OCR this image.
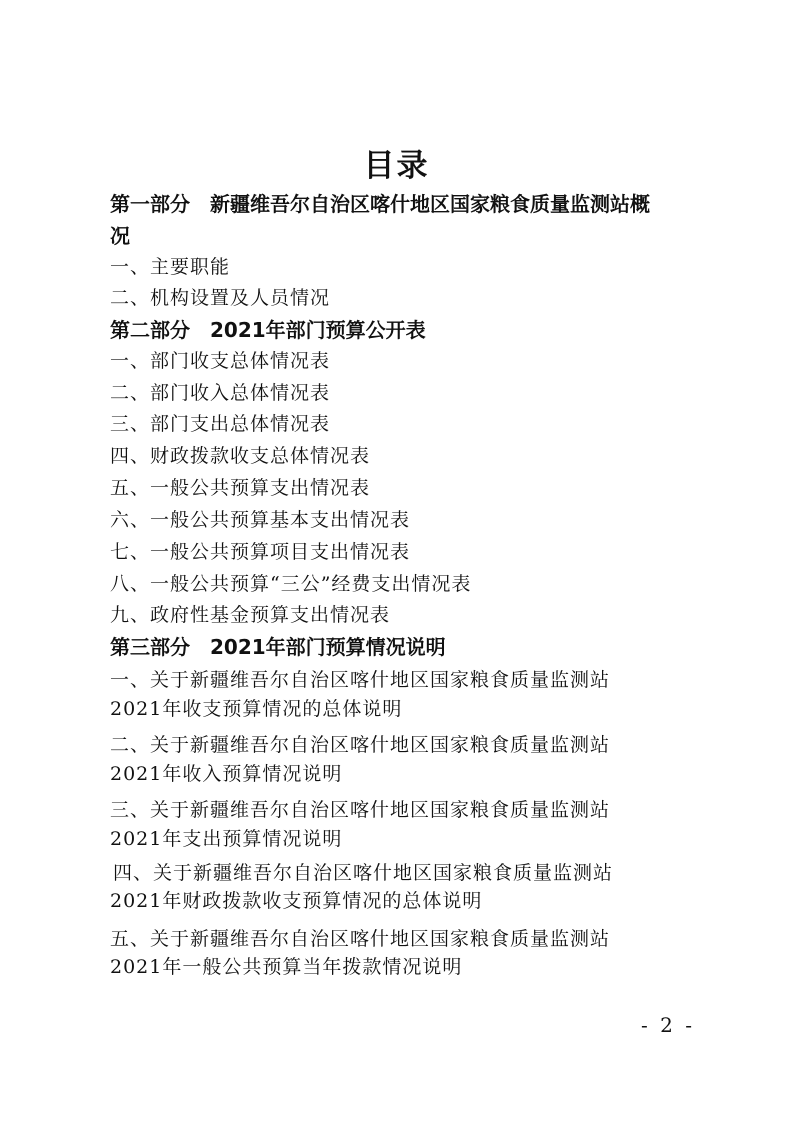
目录
第一部分　新疆维吾尔自治区喀什地区国家粮食质量监测站概
况
一、主要职能
二、机构设置及人员情况
第二部分　2021年部门预算公开表
一、部门收支总体情况表
二、部门收入总体情况表
三、部门支出总体情况表
四、财政拨款收支总体情况表
五、一般公共预算支出情况表
六、一般公共预算基本支出情况表
七、一般公共预算项目支出情况表
八、一般公共预算“三公”经费支出情况表
九、政府性基金预算支出情况表
第三部分　2021年部门预算情况说明
一、关于新疆维吾尔自治区喀什地区国家粮食质量监测站
2021年收支预算情况的总体说明
二、关于新疆维吾尔自治区喀什地区国家粮食质量监测站
2021年收入预算情况说明
三、关于新疆维吾尔自治区喀什地区国家粮食质量监测站
2021年支出预算情况说明
四、关于新疆维吾尔自治区喀什地区国家粮食质量监测站
2021年财政拨款收支预算情况的总体说明
五、关于新疆维吾尔自治区喀什地区国家粮食质量监测站
2021年一般公共预算当年拨款情况说明
- 2 -
